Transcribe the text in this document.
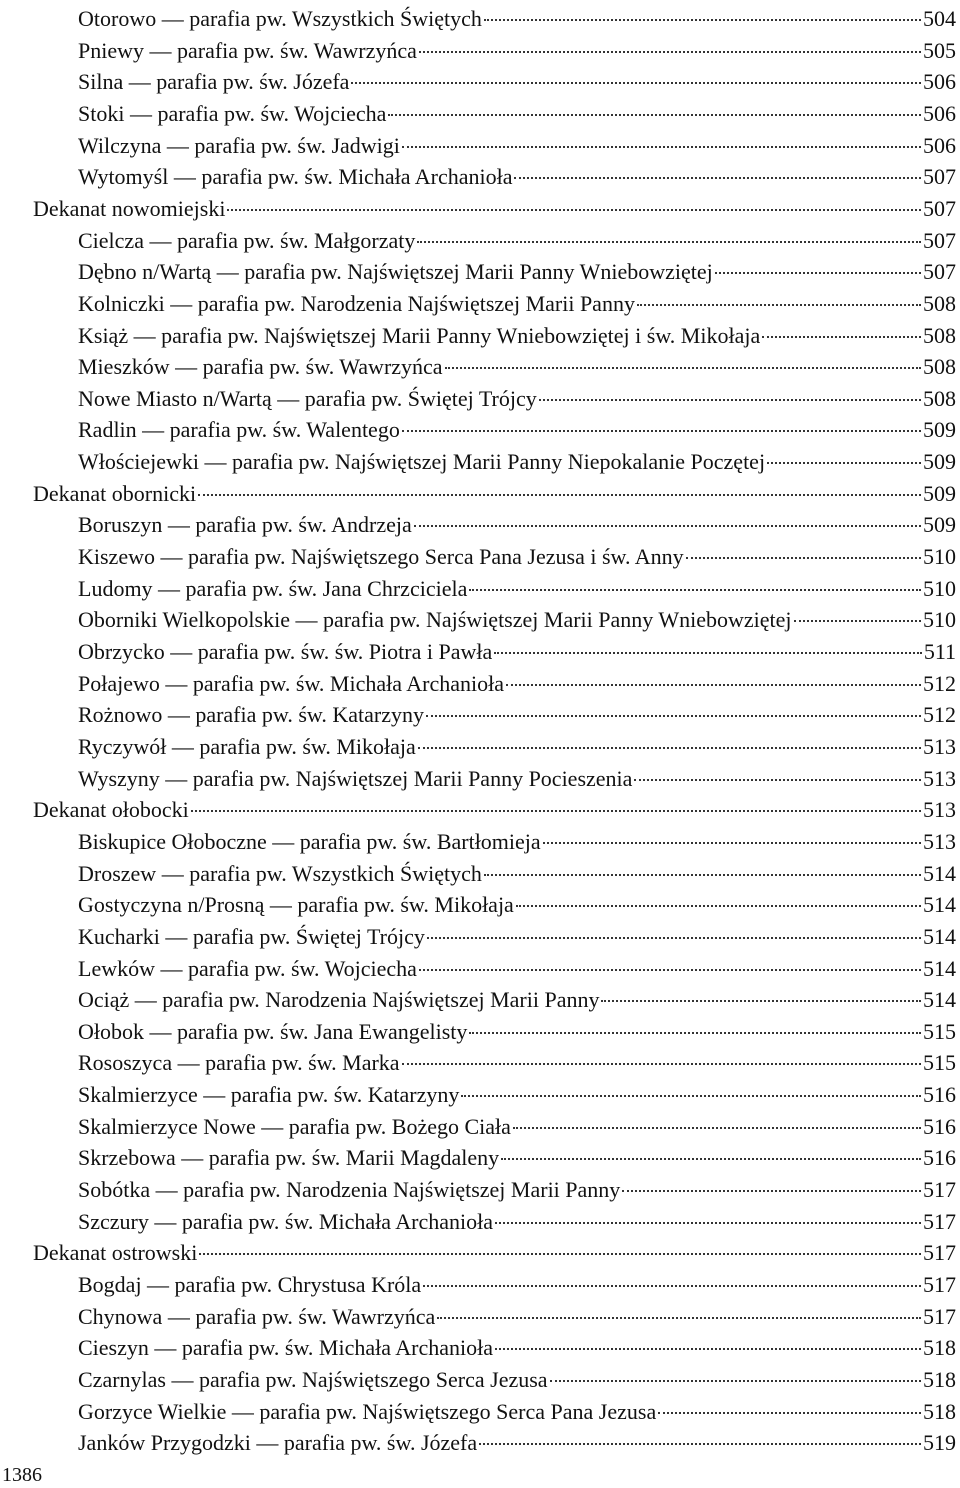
Otorowo — parafia pw. Wszystkich Świętych	504
Pniewy — parafia pw. św. Wawrzyńca	505
Silna — parafia pw. św. Józefa	506
Stoki — parafia pw. św. Wojciecha	506
Wilczyna — parafia pw. św. Jadwigi	506
Wytomyśl — parafia pw. św. Michała Archanioła	507
Dekanat nowomiejski	507
Cielcza — parafia pw. św. Małgorzaty	507
Dębno n/Wartą — parafia pw. Najświętszej Marii Panny Wniebowziętej	507
Kolniczki — parafia pw. Narodzenia Najświętszej Marii Panny	508
Książ — parafia pw. Najświętszej Marii Panny Wniebowziętej i św. Mikołaja	508
Mieszków — parafia pw. św. Wawrzyńca	508
Nowe Miasto n/Wartą — parafia pw. Świętej Trójcy	508
Radlin — parafia pw. św. Walentego	509
Włościejewki — parafia pw. Najświętszej Marii Panny Niepokalanie Poczętej	509
Dekanat obornicki	509
Boruszyn — parafia pw. św. Andrzeja	509
Kiszewo — parafia pw. Najświętszego Serca Pana Jezusa i św. Anny	510
Ludomy — parafia pw. św. Jana Chrzciciela	510
Oborniki Wielkopolskie — parafia pw. Najświętszej Marii Panny Wniebowziętej	510
Obrzycko — parafia pw. św. św. Piotra i Pawła	511
Połajewo — parafia pw. św. Michała Archanioła	512
Rożnowo — parafia pw. św. Katarzyny	512
Ryczywół — parafia pw. św. Mikołaja	513
Wyszyny — parafia pw. Najświętszej Marii Panny Pocieszenia	513
Dekanat ołobocki	513
Biskupice Ołoboczne — parafia pw. św. Bartłomieja	513
Droszew — parafia pw. Wszystkich Świętych	514
Gostyczyna n/Prosną — parafia pw. św. Mikołaja	514
Kucharki — parafia pw. Świętej Trójcy	514
Lewków — parafia pw. św. Wojciecha	514
Ociąż — parafia pw. Narodzenia Najświętszej Marii Panny	514
Ołobok — parafia pw. św. Jana Ewangelisty	515
Rososzyca — parafia pw. św. Marka	515
Skalmierzyce — parafia pw. św. Katarzyny	516
Skalmierzyce Nowe — parafia pw. Bożego Ciała	516
Skrzebowa — parafia pw. św. Marii Magdaleny	516
Sobótka — parafia pw. Narodzenia Najświętszej Marii Panny	517
Szczury — parafia pw. św. Michała Archanioła	517
Dekanat ostrowski	517
Bogdaj — parafia pw. Chrystusa Króla	517
Chynowa — parafia pw. św. Wawrzyńca	517
Cieszyn — parafia pw. św. Michała Archanioła	518
Czarnylas — parafia pw. Najświętszego Serca Jezusa	518
Gorzyce Wielkie — parafia pw. Najświętszego Serca Pana Jezusa	518
Janków Przygodzki — parafia pw. św. Józefa	519
1386
